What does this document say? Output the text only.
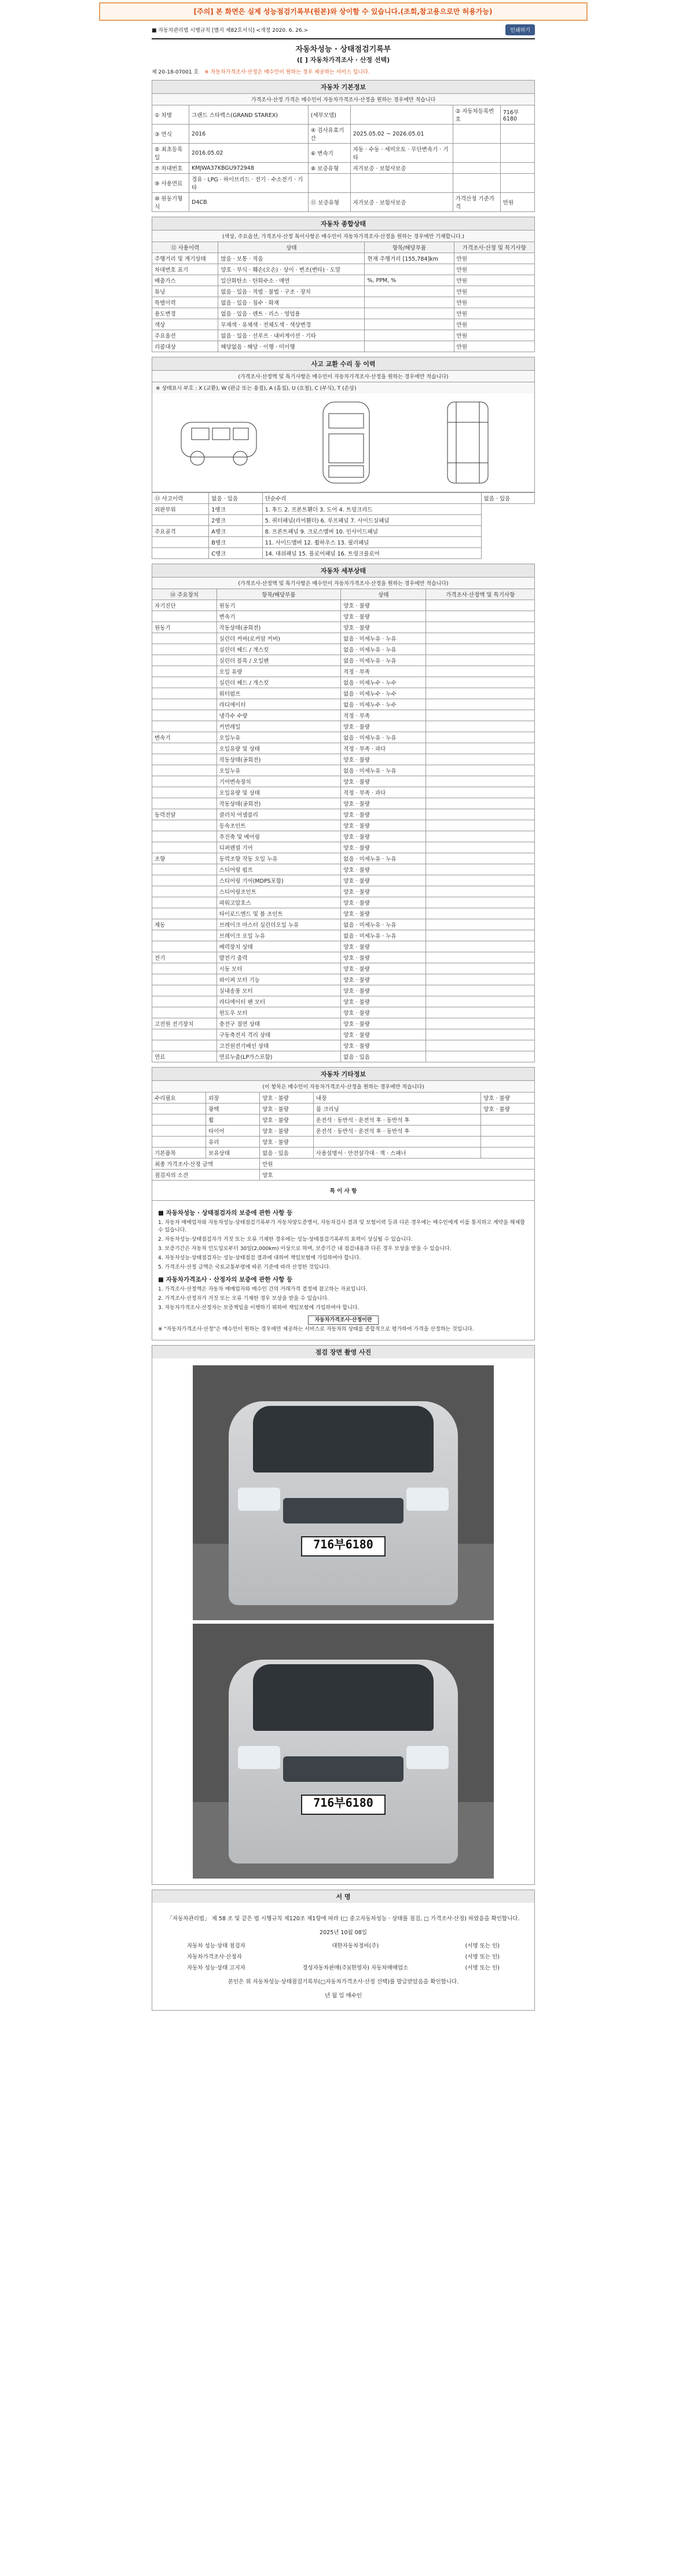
[주의] 본 화면은 실제 성능점검기록부(원본)와 상이할 수 있습니다.(조회,참고용으로만 허용가능)
■ 자동차관리법 시행규칙 [별지 제82호서식] <개정 2020. 6. 26.>	인쇄하기
자동차성능 · 상태점검기록부
([ ] 자동차가격조사 · 산정 선택)
제 20-18-07001 호 ※ 자동차가격조사·산정은 매수인이 원하는 경우 제공하는 서비스 입니다.
자동차 기본정보
가격조사·산정 가격은 매수인이 자동차가격조사·산정을 원하는 경우에만 적습니다
① 차명	그랜드 스타렉스(GRAND STAREX)	(세부모델)		② 자동차등록번호	716부6180
③ 연식	2016	④ 검사유효기간	2025.05.02 ~ 2026.05.01		
⑤ 최초등록일	2016.05.02	⑥ 변속기	자동 · 수동 · 세미오토 · 무단변속기 · 기타		
⑦ 차대번호	KMJWA37KBGU972948	⑧ 보증유형	자가보증 · 보험사보증		
⑨ 사용연료	경유 · LPG · 하이브리드 · 전기 · 수소전기 · 기타				
⑩ 원동기형식	D4CB	⑪ 보증유형	자가보증 · 보험사보증	가격산정 기준가격	만원
자동차 종합상태
(색상, 주요옵션, 가격조사·산정 특이사항은 매수인이 자동차가격조사·산정을 원하는 경우에만 기재합니다.)
⑫ 사용이력	상태	항목/해당부품	가격조사·산정 및 특기사항
주행거리 및 계기상태	많음 · 보통 · 적음	현재 주행거리 [155,784]km	만원
차대번호 표기	양호 · 부식 · 훼손(오손) · 상이 · 변조(변타) · 도말		만원
배출가스	일산화탄소 · 탄화수소 · 매연	%, PPM, %	만원
튜닝	없음 · 있음 · 적법 · 불법 · 구조 · 장치		만원
특별이력	없음 · 있음 · 침수 · 화재		만원
용도변경	없음 · 있음 · 렌트 · 리스 · 영업용		만원
색상	무채색 · 유채색 · 전체도색 · 색상변경		만원
주요옵션	없음 · 있음 · 선루프 · 내비게이션 · 기타		만원
리콜대상	해당없음 · 해당 · 이행 · 미이행		만원
사고 교환 수리 등 이력
(가격조사·산정액 및 특기사항은 매수인이 자동차가격조사·산정을 원하는 경우에만 적습니다)
※ 상태표시 부호 : X (교환), W (판금 또는 용접), A (흠집), U (요철), C (부식), T (손상)
⑬ 사고이력	없음 · 있음	단순수리	없음 · 있음
외판부위	1랭크	1. 후드 2. 프론트휀더 3. 도어 4. 트렁크리드	
	2랭크	5. 쿼터패널(리어휀더) 6. 루프패널 7. 사이드실패널	
주요골격	A랭크	8. 프론트패널 9. 크로스멤버 10. 인사이드패널	
	B랭크	11. 사이드멤버 12. 휠하우스 13. 필러패널	
	C랭크	14. 대쉬패널 15. 플로어패널 16. 트렁크플로어	
자동차 세부상태
(가격조사·산정액 및 특기사항은 매수인이 자동차가격조사·산정을 원하는 경우에만 적습니다)
⑭ 주요장치	항목/해당부품	상태	가격조사·산정액 및 특기사항
자기진단	원동기	양호 · 불량	
	변속기	양호 · 불량	
원동기	작동상태(공회전)	양호 · 불량	
	실린더 커버(로커암 커버)	없음 · 미세누유 · 누유	
	실린더 헤드 / 개스킷	없음 · 미세누유 · 누유	
	실린더 블록 / 오일팬	없음 · 미세누유 · 누유	
	오일 유량	적정 · 부족	
	실린더 헤드 / 개스킷	없음 · 미세누수 · 누수	
	워터펌프	없음 · 미세누수 · 누수	
	라디에이터	없음 · 미세누수 · 누수	
	냉각수 수량	적정 · 부족	
	커먼레일	양호 · 불량	
변속기	오일누유	없음 · 미세누유 · 누유	
	오일유량 및 상태	적정 · 부족 · 과다	
	작동상태(공회전)	양호 · 불량	
	오일누유	없음 · 미세누유 · 누유	
	기어변속장치	양호 · 불량	
	오일유량 및 상태	적정 · 부족 · 과다	
	작동상태(공회전)	양호 · 불량	
동력전달	클러치 어셈블리	양호 · 불량	
	등속조인트	양호 · 불량	
	추진축 및 베어링	양호 · 불량	
	디퍼렌셜 기어	양호 · 불량	
조향	동력조향 작동 오일 누유	없음 · 미세누유 · 누유	
	스티어링 펌프	양호 · 불량	
	스티어링 기어(MDPS포함)	양호 · 불량	
	스티어링조인트	양호 · 불량	
	파워고압호스	양호 · 불량	
	타이로드엔드 및 볼 조인트	양호 · 불량	
제동	브레이크 마스터 실린더오일 누유	없음 · 미세누유 · 누유	
	브레이크 오일 누유	없음 · 미세누유 · 누유	
	배력장치 상태	양호 · 불량	
전기	발전기 출력	양호 · 불량	
	시동 모터	양호 · 불량	
	와이퍼 모터 기능	양호 · 불량	
	실내송풍 모터	양호 · 불량	
	라디에이터 팬 모터	양호 · 불량	
	윈도우 모터	양호 · 불량	
고전원 전기장치	충전구 절연 상태	양호 · 불량	
	구동축전지 격리 상태	양호 · 불량	
	고전원전기배선 상태	양호 · 불량	
연료	연료누출(LP가스포함)	없음 · 있음	
자동차 기타정보
(이 항목은 매수인이 자동차가격조사·산정을 원하는 경우에만 적습니다)
수리필요	외장	양호 · 불량	내장	양호 · 불량
	광택	양호 · 불량	룸 크리닝	양호 · 불량
	휠	양호 · 불량	운전석 · 동반석 · 운전석 후 · 동반석 후	
	타이어	양호 · 불량	운전석 · 동반석 · 운전석 후 · 동반석 후	
	유리	양호 · 불량		
기본품목	보유상태	없음 · 있음	사용설명서 · 안전삼각대 · 잭 · 스패너	
최종 가격조사·산정 금액		만원		
점검자의 소견		양호		
특 이 사 항				
■ 자동차성능 · 상태점검자의 보증에 관한 사항 등

1. 자동차 매매업자와 자동차성능·상태점검기록부가 자동차양도증명서, 자동차검사 결과 및 보험이력 등과 다른 경우에는 매수인에게 이를 통지하고 계약을 해제할 수 있습니다.

2. 자동차성능·상태점검자가 거짓 또는 오류 기재한 경우에는 성능·상태점검기록부의 효력이 상실될 수 있습니다.

3. 보증기간은 자동차 인도일로부터 30일(2,000km) 이상으로 하며, 보증기간 내 점검내용과 다른 경우 보상을 받을 수 있습니다.

4. 자동차성능·상태점검자는 성능·상태점검 결과에 대하여 책임보험에 가입하여야 합니다.

5. 가격조사·산정 금액은 국토교통부령에 따른 기준에 따라 산정한 것입니다.

■ 자동차가격조사 · 산정자의 보증에 관한 사항 등

1. 가격조사·산정액은 자동차 매매업자와 매수인 간의 거래가격 결정에 참고하는 자료입니다.

2. 가격조사·산정자가 거짓 또는 오류 기재한 경우 보상을 받을 수 있습니다.

3. 자동차가격조사·산정자는 보증책임을 이행하기 위하여 책임보험에 가입하여야 합니다.

자동차가격조사·산정이란

※ "자동차가격조사·산정"은 매수인이 원하는 경우에만 제공하는 서비스로 자동차의 상태를 종합적으로 평가하여 가격을 산정하는 것입니다.

점검 장면 촬영 사진
716부6180
716부6180
서 명

「자동차관리법」 제 58 조 및 같은 법 시행규칙 제120조 제1항에 따라 (□ 중고자동차성능 · 상태를 점검, □ 가격조사·산정) 하였음을 확인합니다.

2025년 10월 08일

자동차 성능·상태 점검자	대한자동차정비(주)	(서명 또는 인)
자동차가격조사·산정자	(서명 또는 인)
자동차 성능·상태 고지자	경성자동차판매(주)(한영자) 자동차매매업소	(서명 또는 인)

본인은 위 자동차성능·상태점검기록부(□자동차가격조사·산정 선택)를 발급받았음을 확인합니다.

년 월 일 매수인
